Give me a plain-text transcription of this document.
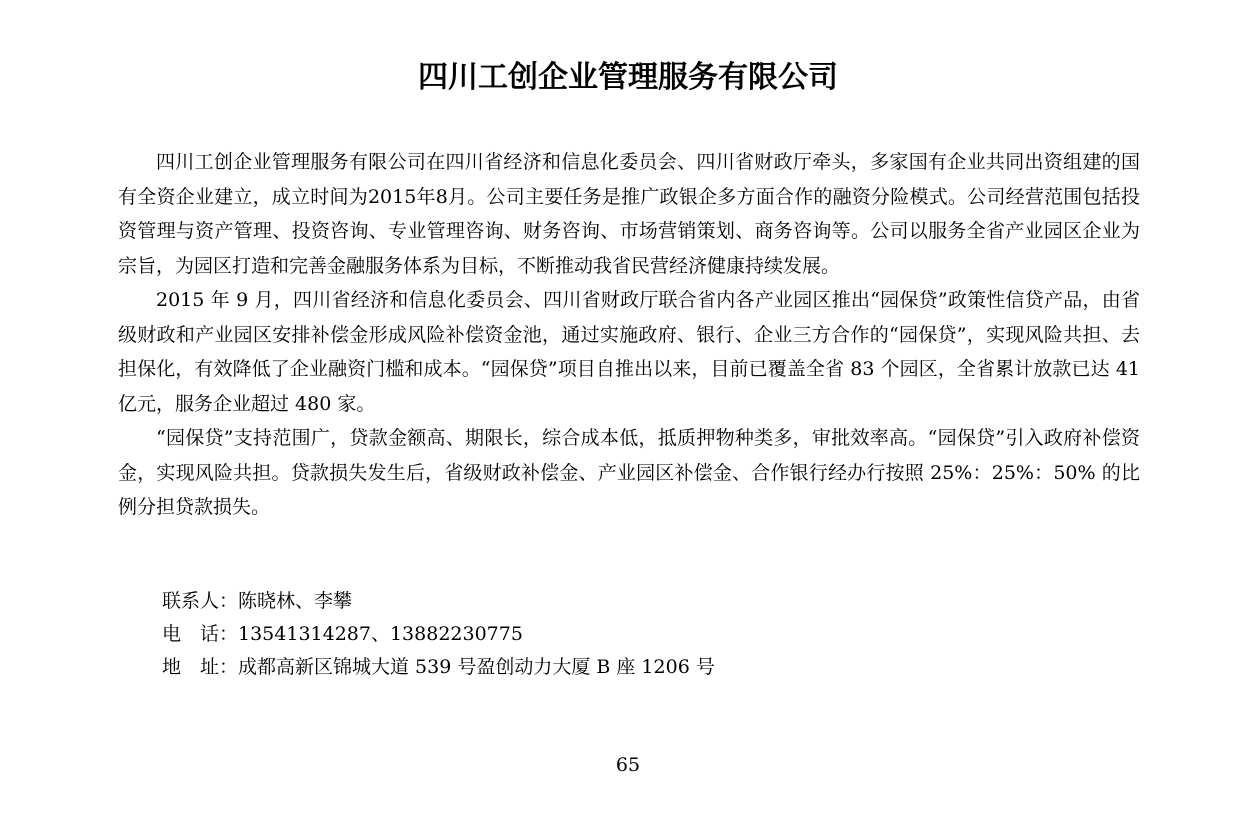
四川工创企业管理服务有限公司

四川工创企业管理服务有限公司在四川省经济和信息化委员会、四川省财政厅牵头，多家国有企业共同出资组建的国有全资企业建立，成立时间为2015年8月。公司主要任务是推广政银企多方面合作的融资分险模式。公司经营范围包括投资管理与资产管理、投资咨询、专业管理咨询、财务咨询、市场营销策划、商务咨询等。公司以服务全省产业园区企业为宗旨，为园区打造和完善金融服务体系为目标，不断推动我省民营经济健康持续发展。

2015 年 9 月，四川省经济和信息化委员会、四川省财政厅联合省内各产业园区推出“园保贷”政策性信贷产品，由省级财政和产业园区安排补偿金形成风险补偿资金池，通过实施政府、银行、企业三方合作的“园保贷”，实现风险共担、去担保化，有效降低了企业融资门槛和成本。“园保贷”项目自推出以来，目前已覆盖全省 83 个园区，全省累计放款已达 41 亿元，服务企业超过 480 家。

“园保贷”支持范围广，贷款金额高、期限长，综合成本低，抵质押物种类多，审批效率高。“园保贷”引入政府补偿资金，实现风险共担。贷款损失发生后，省级财政补偿金、产业园区补偿金、合作银行经办行按照 25%：25%：50% 的比例分担贷款损失。

联系人：陈晓林、李攀
电　话：13541314287、13882230775
地　址：成都高新区锦城大道 539 号盈创动力大厦 B 座 1206 号
65
